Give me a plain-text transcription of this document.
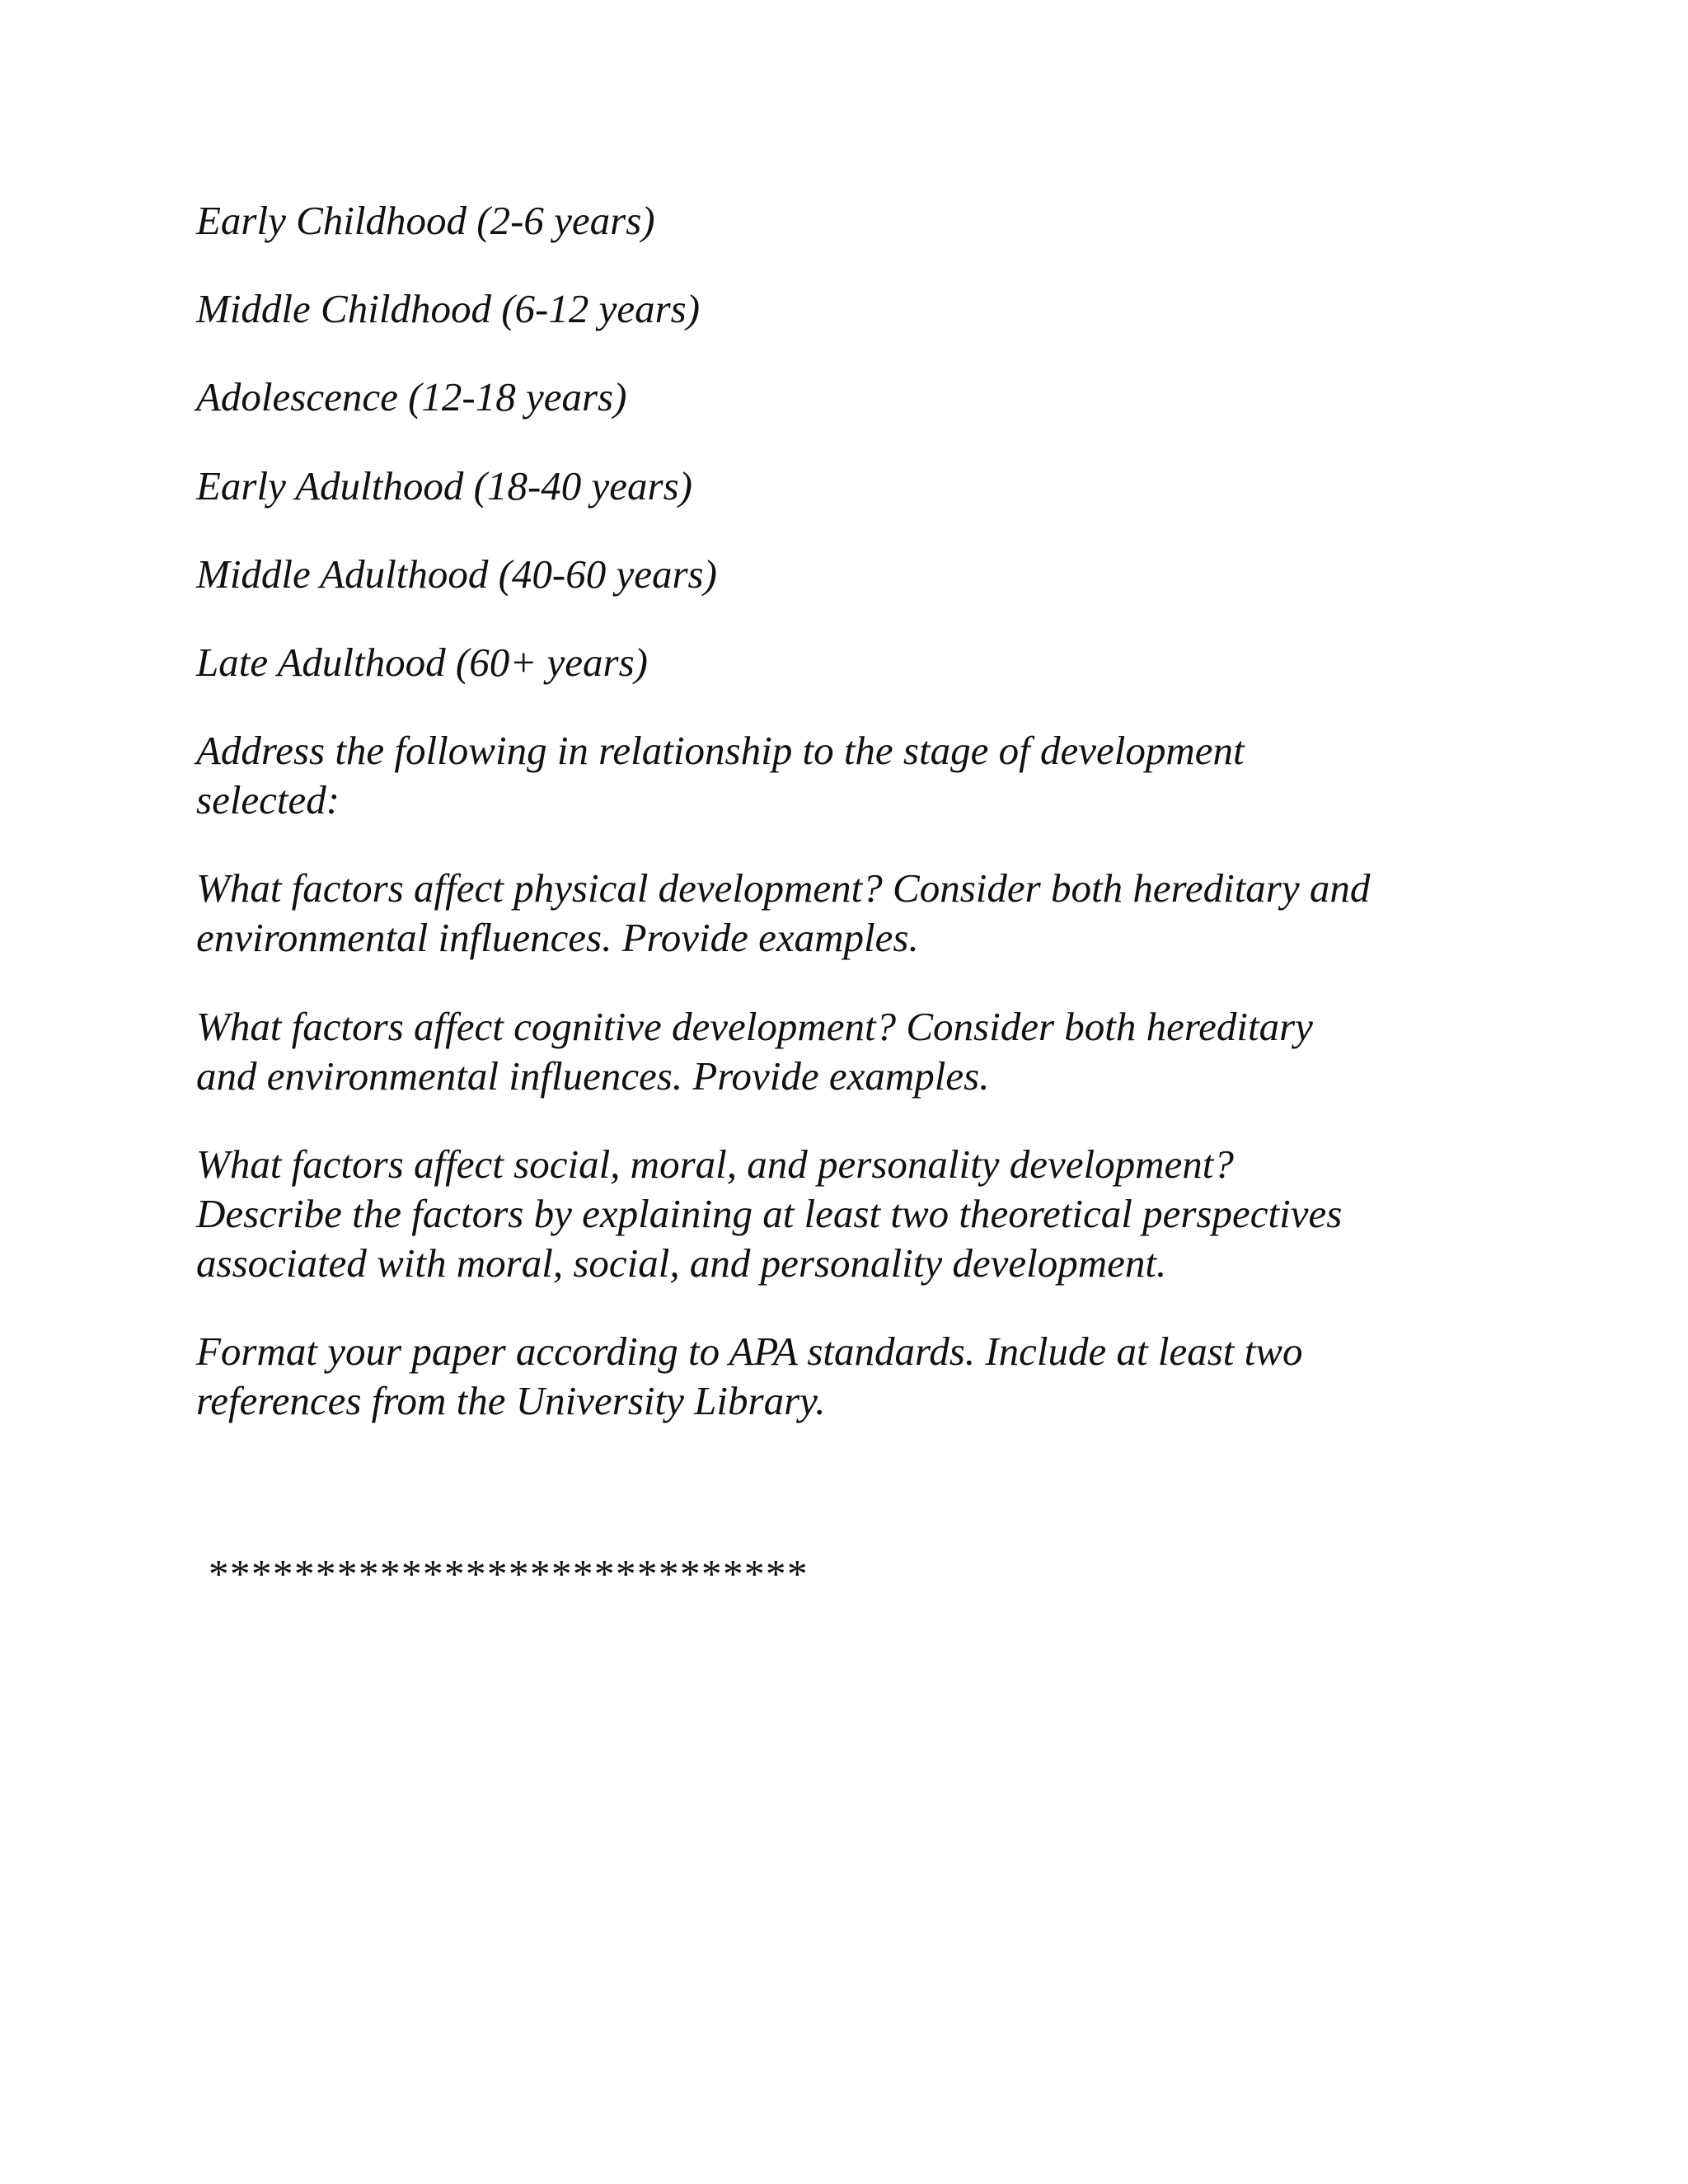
Early Childhood (2-6 years)

Middle Childhood (6-12 years)

Adolescence (12-18 years)

Early Adulthood (18-40 years)

Middle Adulthood (40-60 years)

Late Adulthood (60+ years)

Address the following in relationship to the stage of development

selected:

What factors affect physical development? Consider both hereditary and

environmental influences. Provide examples.

What factors affect cognitive development? Consider both hereditary

and environmental influences. Provide examples.

What factors affect social, moral, and personality development?

Describe the factors by explaining at least two theoretical perspectives

associated with moral, social, and personality development.

Format your paper according to APA standards. Include at least two

references from the University Library.

****************************
